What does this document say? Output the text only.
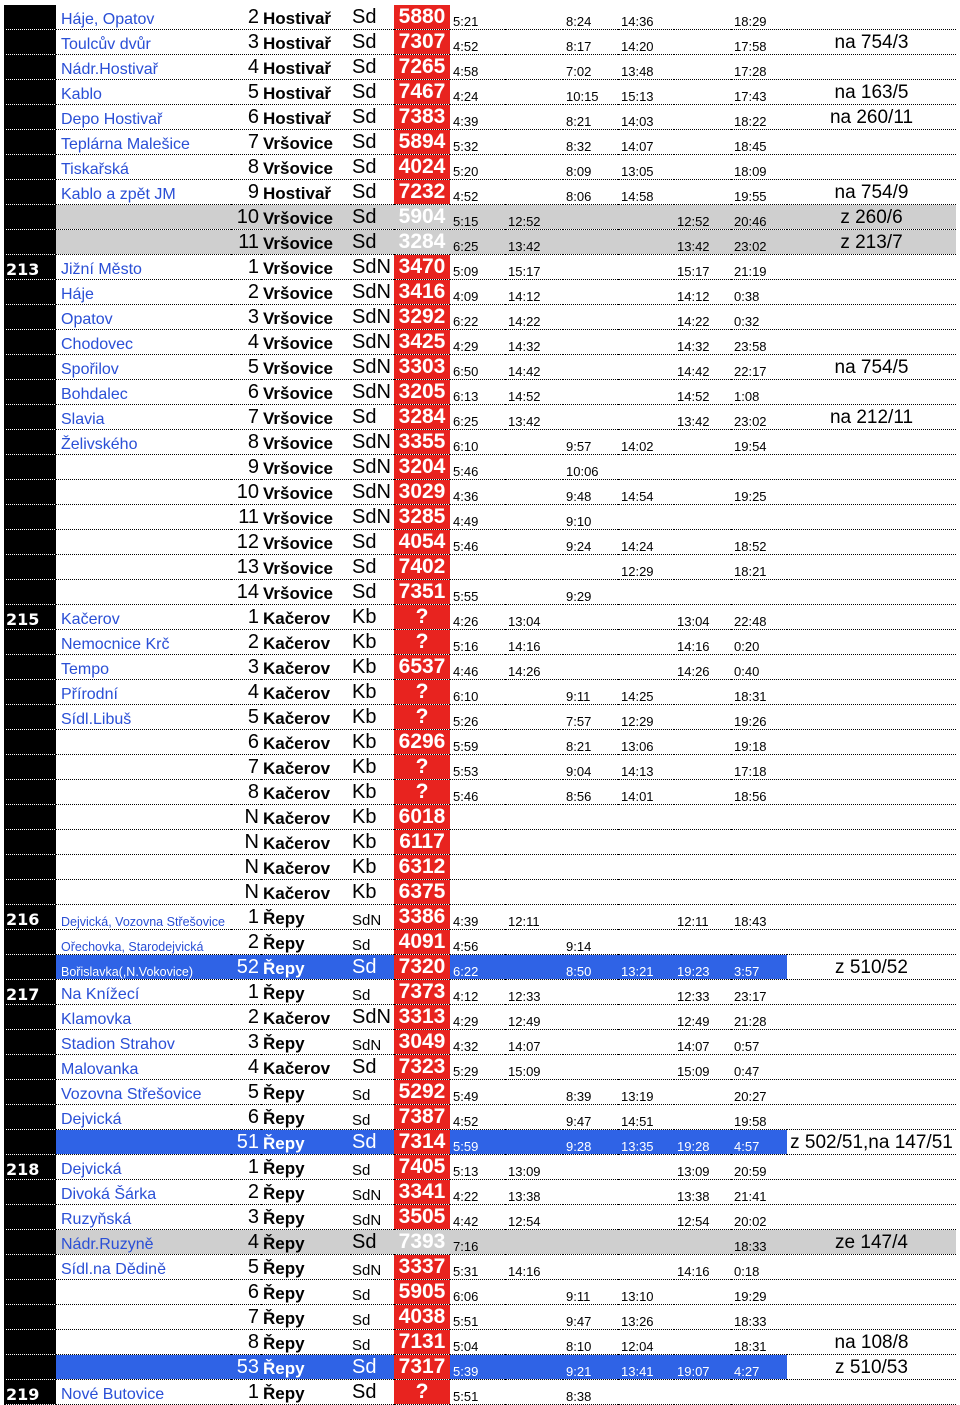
	Háje, Opatov	2	Hostivař	Sd	5880	5:21		8:24	14:36		18:29	
	Toulcův dvůr	3	Hostivař	Sd	7307	4:52		8:17	14:20		17:58	na 754/3
	Nádr.Hostivař	4	Hostivař	Sd	7265	4:58		7:02	13:48		17:28	
	Kablo	5	Hostivař	Sd	7467	4:24		10:15	15:13		17:43	na 163/5
	Depo Hostivař	6	Hostivař	Sd	7383	4:39		8:21	14:03		18:22	na 260/11
	Teplárna Malešice	7	Vršovice	Sd	5894	5:32		8:32	14:07		18:45	
	Tiskařská	8	Vršovice	Sd	4024	5:20		8:09	13:05		18:09	
	Kablo a zpět JM	9	Hostivař	Sd	7232	4:52		8:06	14:58		19:55	na 754/9
		10	Vršovice	Sd	5904	5:15	12:52			12:52	20:46	z 260/6
		11	Vršovice	Sd	3284	6:25	13:42			13:42	23:02	z 213/7
213	Jižní Město	1	Vršovice	SdN	3470	5:09	15:17			15:17	21:19	
	Háje	2	Vršovice	SdN	3416	4:09	14:12			14:12	0:38	
	Opatov	3	Vršovice	SdN	3292	6:22	14:22			14:22	0:32	
	Chodovec	4	Vršovice	SdN	3425	4:29	14:32			14:32	23:58	
	Spořilov	5	Vršovice	SdN	3303	6:50	14:42			14:42	22:17	na 754/5
	Bohdalec	6	Vršovice	SdN	3205	6:13	14:52			14:52	1:08	
	Slavia	7	Vršovice	Sd	3284	6:25	13:42			13:42	23:02	na 212/11
	Želivského	8	Vršovice	SdN	3355	6:10		9:57	14:02		19:54	
		9	Vršovice	SdN	3204	5:46		10:06				
		10	Vršovice	SdN	3029	4:36		9:48	14:54		19:25	
		11	Vršovice	SdN	3285	4:49		9:10				
		12	Vršovice	Sd	4054	5:46		9:24	14:24		18:52	
		13	Vršovice	Sd	7402				12:29		18:21	
		14	Vršovice	Sd	7351	5:55		9:29				
215	Kačerov	1	Kačerov	Kb	?	4:26	13:04			13:04	22:48	
	Nemocnice Krč	2	Kačerov	Kb	?	5:16	14:16			14:16	0:20	
	Tempo	3	Kačerov	Kb	6537	4:46	14:26			14:26	0:40	
	Přírodní	4	Kačerov	Kb	?	6:10		9:11	14:25		18:31	
	Sídl.Libuš	5	Kačerov	Kb	?	5:26		7:57	12:29		19:26	
		6	Kačerov	Kb	6296	5:59		8:21	13:06		19:18	
		7	Kačerov	Kb	?	5:53		9:04	14:13		17:18	
		8	Kačerov	Kb	?	5:46		8:56	14:01		18:56	
		N	Kačerov	Kb	6018							
		N	Kačerov	Kb	6117							
		N	Kačerov	Kb	6312							
		N	Kačerov	Kb	6375							
216	Dejvická, Vozovna Střešovice	1	Řepy	SdN	3386	4:39	12:11			12:11	18:43	
	Ořechovka, Starodejvická	2	Řepy	Sd	4091	4:56		9:14				
	Bořislavka(,N.Vokovice)	52	Řepy	Sd	7320	6:22		8:50	13:21	19:23	3:57	z 510/52
217	Na Knížecí	1	Řepy	Sd	7373	4:12	12:33			12:33	23:17	
	Klamovka	2	Kačerov	SdN	3313	4:29	12:49			12:49	21:28	
	Stadion Strahov	3	Řepy	SdN	3049	4:32	14:07			14:07	0:57	
	Malovanka	4	Kačerov	Sd	7323	5:29	15:09			15:09	0:47	
	Vozovna Střešovice	5	Řepy	Sd	5292	5:49		8:39	13:19		20:27	
	Dejvická	6	Řepy	Sd	7387	4:52		9:47	14:51		19:58	
		51	Řepy	Sd	7314	5:59		9:28	13:35	19:28	4:57	z 502/51,na 147/51
218	Dejvická	1	Řepy	Sd	7405	5:13	13:09			13:09	20:59	
	Divoká Šárka	2	Řepy	SdN	3341	4:22	13:38			13:38	21:41	
	Ruzyňská	3	Řepy	SdN	3505	4:42	12:54			12:54	20:02	
	Nádr.Ruzyně	4	Řepy	Sd	7393	7:16					18:33	ze 147/4
	Sídl.na Dědině	5	Řepy	SdN	3337	5:31	14:16			14:16	0:18	
		6	Řepy	Sd	5905	6:06		9:11	13:10		19:29	
		7	Řepy	Sd	4038	5:51		9:47	13:26		18:33	
		8	Řepy	Sd	7131	5:04		8:10	12:04		18:31	na 108/8
		53	Řepy	Sd	7317	5:39		9:21	13:41	19:07	4:27	z 510/53
219	Nové Butovice	1	Řepy	Sd	?	5:51		8:38				
